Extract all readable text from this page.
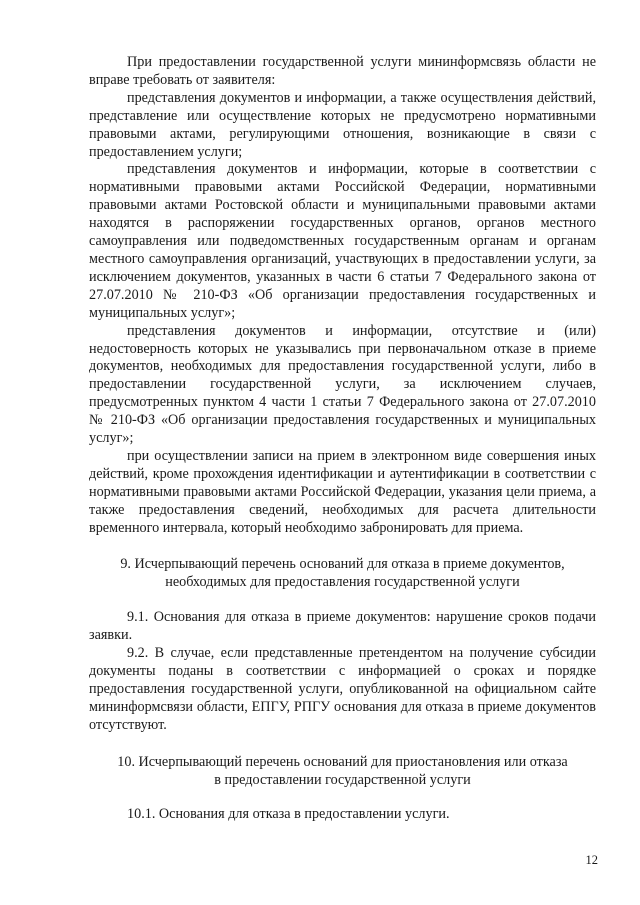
При предоставлении государственной услуги мининформсвязь области не вправе требовать от заявителя:

представления документов и информации, а также осуществления действий, представление или осуществление которых не предусмотрено нормативными правовыми актами, регулирующими отношения, возникающие в связи с предоставлением услуги;

представления документов и информации, которые в соответствии с нормативными правовыми актами Российской Федерации, нормативными правовыми актами Ростовской области и муниципальными правовыми актами находятся в распоряжении государственных органов, органов местного самоуправления или подведомственных государственным органам и органам местного самоуправления организаций, участвующих в предоставлении услуги, за исключением документов, указанных в части 6 статьи 7 Федерального закона от 27.07.2010 № 210-ФЗ «Об организации предоставления государственных и муниципальных услуг»;

представления документов и информации, отсутствие и (или) недостоверность которых не указывались при первоначальном отказе в приеме документов, необходимых для предоставления государственной услуги, либо в предоставлении государственной услуги, за исключением случаев, предусмотренных пунктом 4 части 1 статьи 7 Федерального закона от 27.07.2010 № 210-ФЗ «Об организации предоставления государственных и муниципальных услуг»;

при осуществлении записи на прием в электронном виде совершения иных действий, кроме прохождения идентификации и аутентификации в соответствии с нормативными правовыми актами Российской Федерации, указания цели приема, а также предоставления сведений, необходимых для расчета длительности временного интервала, который необходимо забронировать для приема.

9. Исчерпывающий перечень оснований для отказа в приеме документов,
необходимых для предоставления государственной услуги

9.1. Основания для отказа в приеме документов: нарушение сроков подачи заявки.

9.2. В случае, если представленные претендентом на получение субсидии документы поданы в соответствии с информацией о сроках и порядке предоставления государственной услуги, опубликованной на официальном сайте мининформсвязи области, ЕПГУ, РПГУ основания для отказа в приеме документов отсутствуют.

10. Исчерпывающий перечень оснований для приостановления или отказа
в предоставлении государственной услуги

10.1. Основания для отказа в предоставлении услуги.

12
